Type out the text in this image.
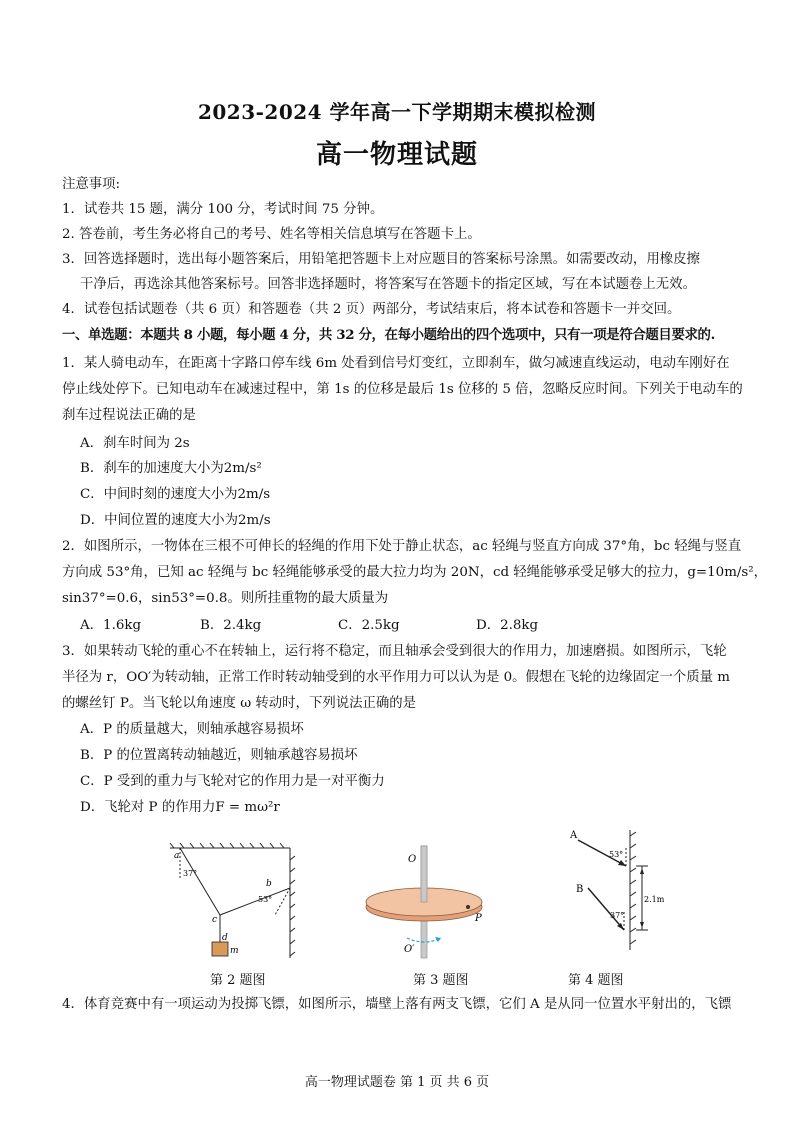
2023-2024 学年高一下学期期末模拟检测
高一物理试题
注意事项:
1．试卷共 15 题，满分 100 分，考试时间 75 分钟。
2. 答卷前，考生务必将自己的考号、姓名等相关信息填写在答题卡上。
3．回答选择题时，选出每小题答案后，用铅笔把答题卡上对应题目的答案标号涂黑。如需要改动，用橡皮擦
干净后，再选涂其他答案标号。回答非选择题时，将答案写在答题卡的指定区域，写在本试题卷上无效。
4．试卷包括试题卷（共 6 页）和答题卷（共 2 页）两部分，考试结束后，将本试卷和答题卡一并交回。
一、单选题：本题共 8 小题，每小题 4 分，共 32 分，在每小题给出的四个选项中，只有一项是符合题目要求的.
1．某人骑电动车，在距离十字路口停车线 6m 处看到信号灯变红，立即刹车，做匀减速直线运动，电动车刚好在
停止线处停下。已知电动车在减速过程中，第 1s 的位移是最后 1s 位移的 5 倍，忽略反应时间。下列关于电动车的
刹车过程说法正确的是
A．刹车时间为 2s
B．刹车的加速度大小为2m/s²
C．中间时刻的速度大小为2m/s
D．中间位置的速度大小为2m/s
2．如图所示，一物体在三根不可伸长的轻绳的作用下处于静止状态，ac 轻绳与竖直方向成 37°角，bc 轻绳与竖直
方向成 53°角，已知 ac 轻绳与 bc 轻绳能够承受的最大拉力均为 20N，cd 轻绳能够承受足够大的拉力，g=10m/s²，
sin37°=0.6，sin53°=0.8。则所挂重物的最大质量为
A．1.6kg	B．2.4kg	C．2.5kg	D．2.8kg
3．如果转动飞轮的重心不在转轴上，运行将不稳定，而且轴承会受到很大的作用力，加速磨损。如图所示，飞轮
半径为 r，OO′为转动轴，正常工作时转动轴受到的水平作用力可以认为是 0。假想在飞轮的边缘固定一个质量 m
的螺丝钉 P。当飞轮以角速度 ω 转动时，下列说法正确的是
A．P 的质量越大，则轴承越容易损坏
B．P 的位置离转动轴越近，则轴承越容易损坏
C．P 受到的重力与飞轮对它的作用力是一对平衡力
D．飞轮对 P 的作用力F = mω²r
a
37°
b
53°
c
d
m
第 2 题图
O
O′
P
第 3 题图
A
53°
B
37°
2.1m
第 4 题图
4．体育竞赛中有一项运动为投掷飞镖，如图所示，墙壁上落有两支飞镖，它们 A 是从同一位置水平射出的，飞镖
高一物理试题卷 第 1 页 共 6 页
